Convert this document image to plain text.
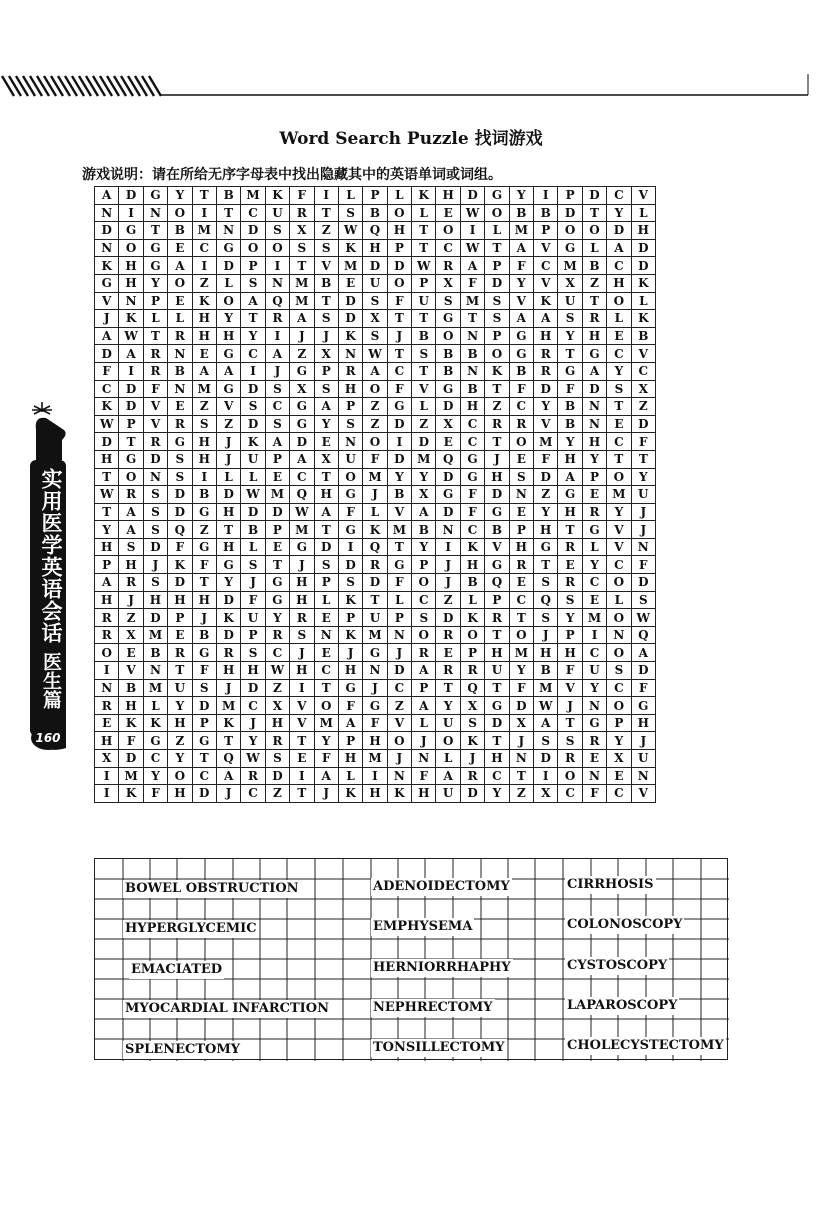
实用医学英语会话
医生篇
160
Word Search Puzzle 找词游戏
游戏说明：请在所给无序字母表中找出隐藏其中的英语单词或词组。
A	D	G	Y	T	B	M	K	F	I	L	P	L	K	H	D	G	Y	I	P	D	C	V
N	I	N	O	I	T	C	U	R	T	S	B	O	L	E	W	O	B	B	D	T	Y	L
D	G	T	B	M	N	D	S	X	Z	W	Q	H	T	O	I	L	M	P	O	O	D	H
N	O	G	E	C	G	O	O	S	S	K	H	P	T	C	W	T	A	V	G	L	A	D
K	H	G	A	I	D	P	I	T	V	M	D	D	W	R	A	P	F	C	M	B	C	D
G	H	Y	O	Z	L	S	N	M	B	E	U	O	P	X	F	D	Y	V	X	Z	H	K
V	N	P	E	K	O	A	Q	M	T	D	S	F	U	S	M	S	V	K	U	T	O	L
J	K	L	L	H	Y	T	R	A	S	D	X	T	T	G	T	S	A	A	S	R	L	K
A	W	T	R	H	H	Y	I	J	J	K	S	J	B	O	N	P	G	H	Y	H	E	B
D	A	R	N	E	G	C	A	Z	X	N	W	T	S	B	B	O	G	R	T	G	C	V
F	I	R	B	A	A	I	J	G	P	R	A	C	T	B	N	K	B	R	G	A	Y	C
C	D	F	N	M	G	D	S	X	S	H	O	F	V	G	B	T	F	D	F	D	S	X
K	D	V	E	Z	V	S	C	G	A	P	Z	G	L	D	H	Z	C	Y	B	N	T	Z
W	P	V	R	S	Z	D	S	G	Y	S	Z	D	Z	X	C	R	R	V	B	N	E	D
D	T	R	G	H	J	K	A	D	E	N	O	I	D	E	C	T	O	M	Y	H	C	F
H	G	D	S	H	J	U	P	A	X	U	F	D	M	Q	G	J	E	F	H	Y	T	T
T	O	N	S	I	L	L	E	C	T	O	M	Y	Y	D	G	H	S	D	A	P	O	Y
W	R	S	D	B	D	W	M	Q	H	G	J	B	X	G	F	D	N	Z	G	E	M	U
T	A	S	D	G	H	D	D	W	A	F	L	V	A	D	F	G	E	Y	H	R	Y	J
Y	A	S	Q	Z	T	B	P	M	T	G	K	M	B	N	C	B	P	H	T	G	V	J
H	S	D	F	G	H	L	E	G	D	I	Q	T	Y	I	K	V	H	G	R	L	V	N
P	H	J	K	F	G	S	T	J	S	D	R	G	P	J	H	G	R	T	E	Y	C	F
A	R	S	D	T	Y	J	G	H	P	S	D	F	O	J	B	Q	E	S	R	C	O	D
H	J	H	H	H	D	F	G	H	L	K	T	L	C	Z	L	P	C	Q	S	E	L	S
R	Z	D	P	J	K	U	Y	R	E	P	U	P	S	D	K	R	T	S	Y	M	O	W
R	X	M	E	B	D	P	R	S	N	K	M	N	O	R	O	T	O	J	P	I	N	Q
O	E	B	R	G	R	S	C	J	E	J	G	J	R	E	P	H	M	H	H	C	O	A
I	V	N	T	F	H	H	W	H	C	H	N	D	A	R	R	U	Y	B	F	U	S	D
N	B	M	U	S	J	D	Z	I	T	G	J	C	P	T	Q	T	F	M	V	Y	C	F
R	H	L	Y	D	M	C	X	V	O	F	G	Z	A	Y	X	G	D	W	J	N	O	G
E	K	K	H	P	K	J	H	V	M	A	F	V	L	U	S	D	X	A	T	G	P	H
H	F	G	Z	G	T	Y	R	T	Y	P	H	O	J	O	K	T	J	S	S	R	Y	J
X	D	C	Y	T	Q	W	S	E	F	H	M	J	N	L	J	H	N	D	R	E	X	U
I	M	Y	O	C	A	R	D	I	A	L	I	N	F	A	R	C	T	I	O	N	E	N
I	K	F	H	D	J	C	Z	T	J	K	H	K	H	U	D	Y	Z	X	C	F	C	V
BOWEL OBSTRUCTION	ADENOIDECTOMY	CIRRHOSIS
HYPERGLYCEMIC	EMPHYSEMA	COLONOSCOPY
EMACIATED	HERNIORRHAPHY	CYSTOSCOPY
MYOCARDIAL INFARCTION	NEPHRECTOMY	LAPAROSCOPY
SPLENECTOMY	TONSILLECTOMY	CHOLECYSTECTOMY
